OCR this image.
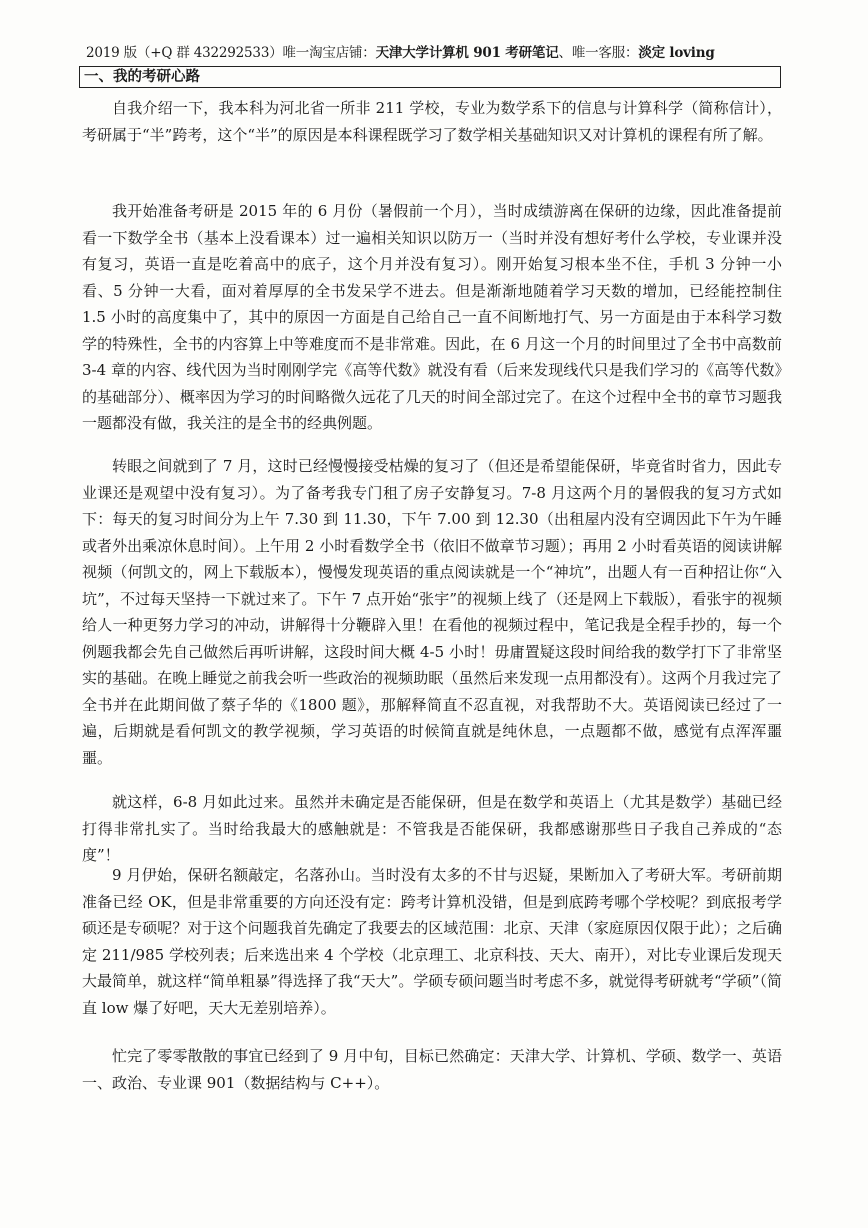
2019 版（+Q 群 432292533）唯一淘宝店铺：天津大学计算机 901 考研笔记、唯一客服：淡定 loving
一、我的考研心路

自我介绍一下，我本科为河北省一所非 211 学校，专业为数学系下的信息与计算科学（简称信计），考研属于“半”跨考，这个“半”的原因是本科课程既学习了数学相关基础知识又对计算机的课程有所了解。

我开始准备考研是 2015 年的 6 月份（暑假前一个月），当时成绩游离在保研的边缘，因此准备提前看一下数学全书（基本上没看课本）过一遍相关知识以防万一（当时并没有想好考什么学校，专业课并没有复习，英语一直是吃着高中的底子，这个月并没有复习）。刚开始复习根本坐不住，手机 3 分钟一小看、5 分钟一大看，面对着厚厚的全书发呆学不进去。但是渐渐地随着学习天数的增加，已经能控制住 1.5 小时的高度集中了，其中的原因一方面是自己给自己一直不间断地打气、另一方面是由于本科学习数学的特殊性，全书的内容算上中等难度而不是非常难。因此，在 6 月这一个月的时间里过了全书中高数前 3-4 章的内容、线代因为当时刚刚学完《高等代数》就没有看（后来发现线代只是我们学习的《高等代数》的基础部分）、概率因为学习的时间略微久远花了几天的时间全部过完了。在这个过程中全书的章节习题我一题都没有做，我关注的是全书的经典例题。

转眼之间就到了 7 月，这时已经慢慢接受枯燥的复习了（但还是希望能保研，毕竟省时省力，因此专业课还是观望中没有复习）。为了备考我专门租了房子安静复习。7-8 月这两个月的暑假我的复习方式如下：每天的复习时间分为上午 7.30 到 11.30，下午 7.00 到 12.30（出租屋内没有空调因此下午为午睡或者外出乘凉休息时间）。上午用 2 小时看数学全书（依旧不做章节习题）；再用 2 小时看英语的阅读讲解视频（何凯文的，网上下载版本），慢慢发现英语的重点阅读就是一个“神坑”，出题人有一百种招让你“入坑”，不过每天坚持一下就过来了。下午 7 点开始“张宇”的视频上线了（还是网上下载版），看张宇的视频给人一种更努力学习的冲动，讲解得十分鞭辟入里！在看他的视频过程中，笔记我是全程手抄的，每一个例题我都会先自己做然后再听讲解，这段时间大概 4-5 小时！毋庸置疑这段时间给我的数学打下了非常坚实的基础。在晚上睡觉之前我会听一些政治的视频助眠（虽然后来发现一点用都没有）。这两个月我过完了全书并在此期间做了蔡子华的《1800 题》，那解释简直不忍直视，对我帮助不大。英语阅读已经过了一遍，后期就是看何凯文的教学视频，学习英语的时候简直就是纯休息，一点题都不做，感觉有点浑浑噩噩。

就这样，6-8 月如此过来。虽然并未确定是否能保研，但是在数学和英语上（尤其是数学）基础已经打得非常扎实了。当时给我最大的感触就是：不管我是否能保研，我都感谢那些日子我自己养成的“态度”！

9 月伊始，保研名额敲定，名落孙山。当时没有太多的不甘与迟疑，果断加入了考研大军。考研前期准备已经 OK，但是非常重要的方向还没有定：跨考计算机没错，但是到底跨考哪个学校呢？到底报考学硕还是专硕呢？对于这个问题我首先确定了我要去的区域范围：北京、天津（家庭原因仅限于此）；之后确定 211/985 学校列表；后来选出来 4 个学校（北京理工、北京科技、天大、南开），对比专业课后发现天大最简单，就这样“简单粗暴”得选择了我“天大”。学硕专硕问题当时考虑不多，就觉得考研就考“学硕”（简直 low 爆了好吧，天大无差别培养）。

忙完了零零散散的事宜已经到了 9 月中旬，目标已然确定：天津大学、计算机、学硕、数学一、英语一、政治、专业课 901（数据结构与 C++）。
